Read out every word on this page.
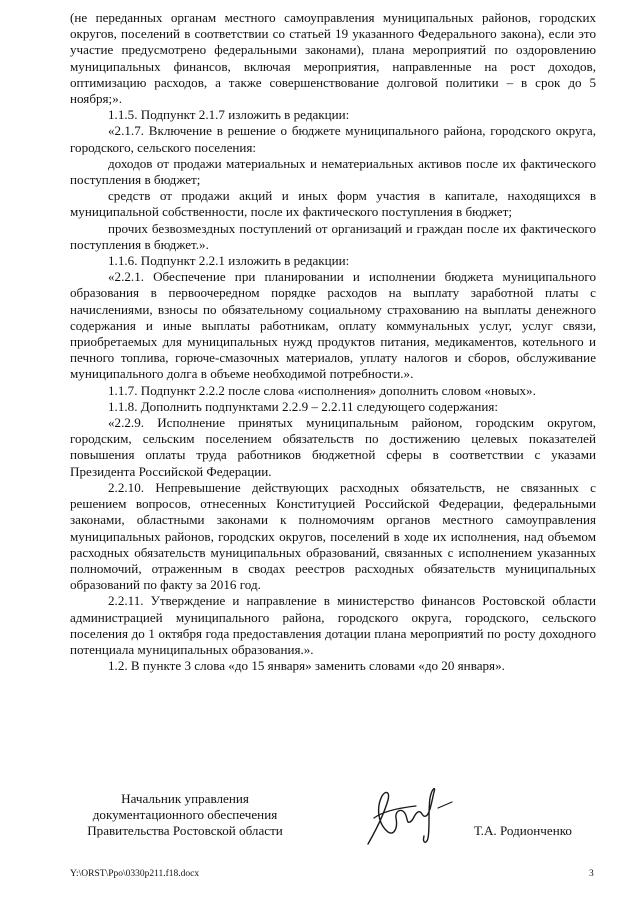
(не переданных органам местного самоуправления муниципальных районов, городских округов, поселений в соответствии со статьей 19 указанного Федерального закона), если это участие предусмотрено федеральными законами), плана мероприятий по оздоровлению муниципальных финансов, включая мероприятия, направленные на рост доходов, оптимизацию расходов, а также совершенствование долговой политики – в срок до 5 ноября;».

1.1.5. Подпункт 2.1.7 изложить в редакции:

«2.1.7. Включение в решение о бюджете муниципального района, городского округа, городского, сельского поселения:

доходов от продажи материальных и нематериальных активов после их фактического поступления в бюджет;

средств от продажи акций и иных форм участия в капитале, находящихся в муниципальной собственности, после их фактического поступления в бюджет;

прочих безвозмездных поступлений от организаций и граждан после их фактического поступления в бюджет.».

1.1.6. Подпункт 2.2.1 изложить в редакции:

«2.2.1. Обеспечение при планировании и исполнении бюджета муниципального образования в первоочередном порядке расходов на выплату заработной платы с начислениями, взносы по обязательному социальному страхованию на выплаты денежного содержания и иные выплаты работникам, оплату коммунальных услуг, услуг связи, приобретаемых для муниципальных нужд продуктов питания, медикаментов, котельного и печного топлива, горюче-смазочных материалов, уплату налогов и сборов, обслуживание муниципального долга в объеме необходимой потребности.».

1.1.7. Подпункт 2.2.2 после слова «исполнения» дополнить словом «новых».

1.1.8. Дополнить подпунктами 2.2.9 – 2.2.11 следующего содержания:

«2.2.9. Исполнение принятых муниципальным районом, городским округом, городским, сельским поселением обязательств по достижению целевых показателей повышения оплаты труда работников бюджетной сферы в соответствии с указами Президента Российской Федерации.

2.2.10. Непревышение действующих расходных обязательств, не связанных с решением вопросов, отнесенных Конституцией Российской Федерации, федеральными законами, областными законами к полномочиям органов местного самоуправления муниципальных районов, городских округов, поселений в ходе их исполнения, над объемом расходных обязательств муниципальных образований, связанных с исполнением указанных полномочий, отраженным в сводах реестров расходных обязательств муниципальных образований по факту за 2016 год.

2.2.11. Утверждение и направление в министерство финансов Ростовской области администрацией муниципального района, городского округа, городского, сельского поселения до 1 октября года предоставления дотации плана мероприятий по росту доходного потенциала муниципальных образования.».

1.2. В пункте 3 слова «до 15 января» заменить словами «до 20 января».

Начальник управления
документационного обеспечения
Правительства Ростовской области	Т.А. Родионченко
Y:\ORST\Ppo\0330p211.f18.docx	3
